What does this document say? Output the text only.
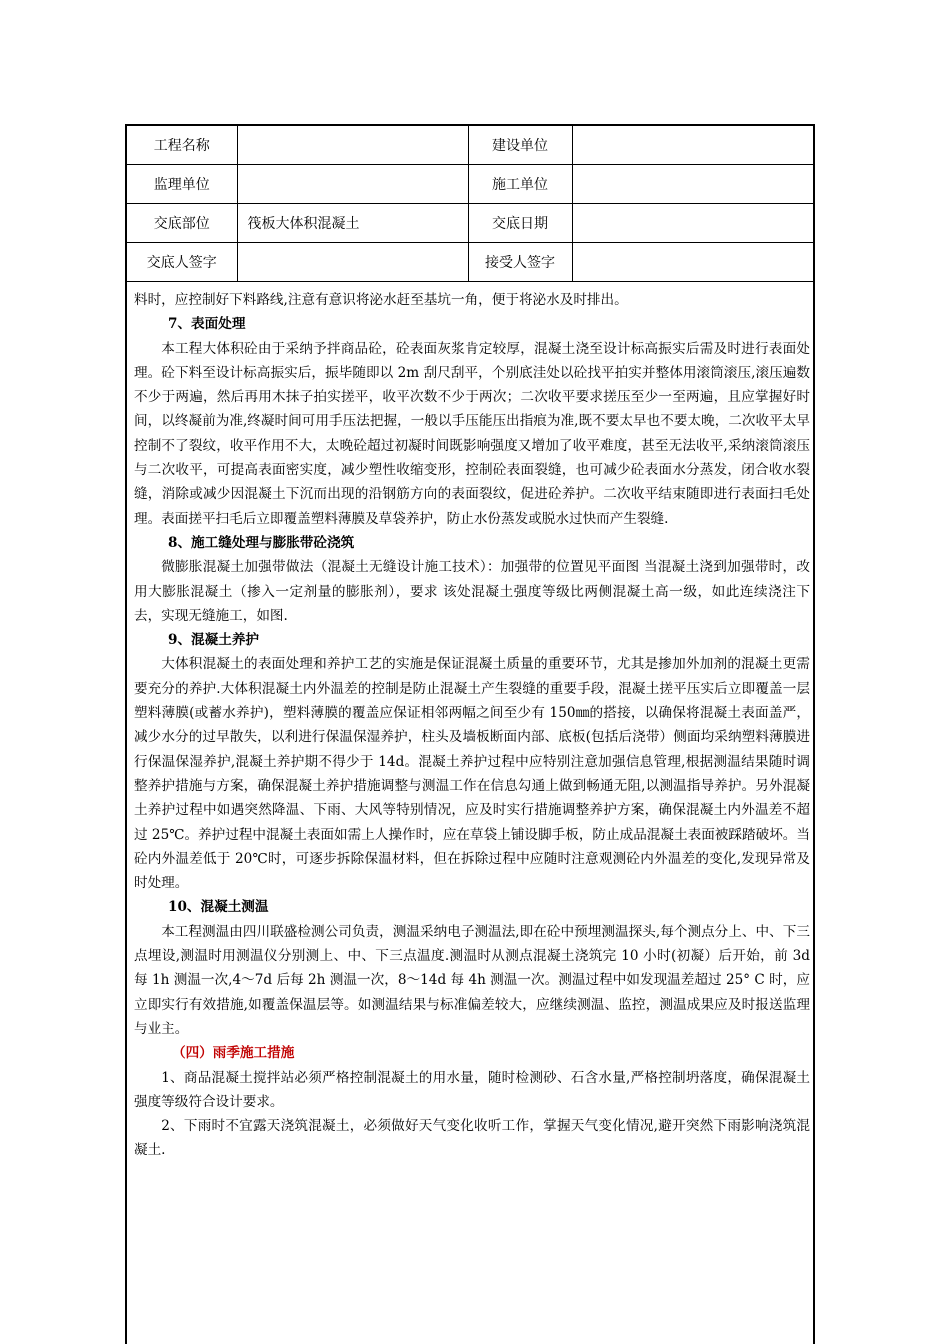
工程名称		建设单位	
监理单位		施工单位	
交底部位	筏板大体积混凝土	交底日期	
交底人签字		接受人签字	

料时，应控制好下料路线,注意有意识将泌水赶至基坑一角，便于将泌水及时排出。

7、表面处理

本工程大体积砼由于采纳予拌商品砼，砼表面灰浆肯定较厚，混凝土浇至设计标高振实后需及时进行表面处理。砼下料至设计标高振实后，振毕随即以 2m 刮尺刮平，个别底洼处以砼找平拍实并整体用滚筒滚压,滚压遍数不少于两遍，然后再用木抹子拍实搓平，收平次数不少于两次；二次收平要求搓压至少一至两遍，且应掌握好时间，以终凝前为准,终凝时间可用手压法把握，一般以手压能压出指痕为准,既不要太早也不要太晚，二次收平太早控制不了裂纹，收平作用不大，太晚砼超过初凝时间既影响强度又增加了收平难度，甚至无法收平,采纳滚筒滚压与二次收平，可提高表面密实度，减少塑性收缩变形，控制砼表面裂缝，也可减少砼表面水分蒸发，闭合收水裂缝，消除或减少因混凝土下沉而出现的沿钢筋方向的表面裂纹，促进砼养护。二次收平结束随即进行表面扫毛处理。表面搓平扫毛后立即覆盖塑料薄膜及草袋养护，防止水份蒸发或脱水过快而产生裂缝.

8、施工缝处理与膨胀带砼浇筑

微膨胀混凝土加强带做法（混凝土无缝设计施工技术）：加强带的位置见平面图 当混凝土浇到加强带时，改用大膨胀混凝土（掺入一定剂量的膨胀剂），要求 该处混凝土强度等级比两侧混凝土高一级，如此连续浇注下去，实现无缝施工，如图.

9、混凝土养护

大体积混凝土的表面处理和养护工艺的实施是保证混凝土质量的重要环节，尤其是掺加外加剂的混凝土更需要充分的养护.大体积混凝土内外温差的控制是防止混凝土产生裂缝的重要手段，混凝土搓平压实后立即覆盖一层塑料薄膜(或蓄水养护)，塑料薄膜的覆盖应保证相邻两幅之间至少有 150㎜的搭接，以确保将混凝土表面盖严，减少水分的过早散失，以利进行保温保湿养护，柱头及墙板断面内部、底板(包括后浇带）侧面均采纳塑料薄膜进行保温保湿养护,混凝土养护期不得少于 14d。混凝土养护过程中应特别注意加强信息管理,根据测温结果随时调整养护措施与方案，确保混凝土养护措施调整与测温工作在信息勾通上做到畅通无阻,以测温指导养护。另外混凝土养护过程中如遇突然降温、下雨、大风等特别情况，应及时实行措施调整养护方案，确保混凝土内外温差不超过 25℃。养护过程中混凝土表面如需上人操作时，应在草袋上铺设脚手板，防止成品混凝土表面被踩踏破坏。当砼内外温差低于 20℃时，可逐步拆除保温材料，但在拆除过程中应随时注意观测砼内外温差的变化,发现异常及时处理。

10、混凝土测温

本工程测温由四川联盛检测公司负责，测温采纳电子测温法,即在砼中预埋测温探头,每个测点分上、中、下三点埋设,测温时用测温仪分别测上、中、下三点温度.测温时从测点混凝土浇筑完 10 小时(初凝）后开始，前 3d 每 1h 测温一次,4～7d 后每 2h 测温一次，8～14d 每 4h 测温一次。测温过程中如发现温差超过 25° C 时，应立即实行有效措施,如覆盖保温层等。如测温结果与标准偏差较大，应继续测温、监控，测温成果应及时报送监理与业主。

（四）雨季施工措施

1、商品混凝土搅拌站必须严格控制混凝土的用水量，随时检测砂、石含水量,严格控制坍落度，确保混凝土强度等级符合设计要求。

2、下雨时不宜露天浇筑混凝土，必须做好天气变化收听工作，掌握天气变化情况,避开突然下雨影响浇筑混凝土.
